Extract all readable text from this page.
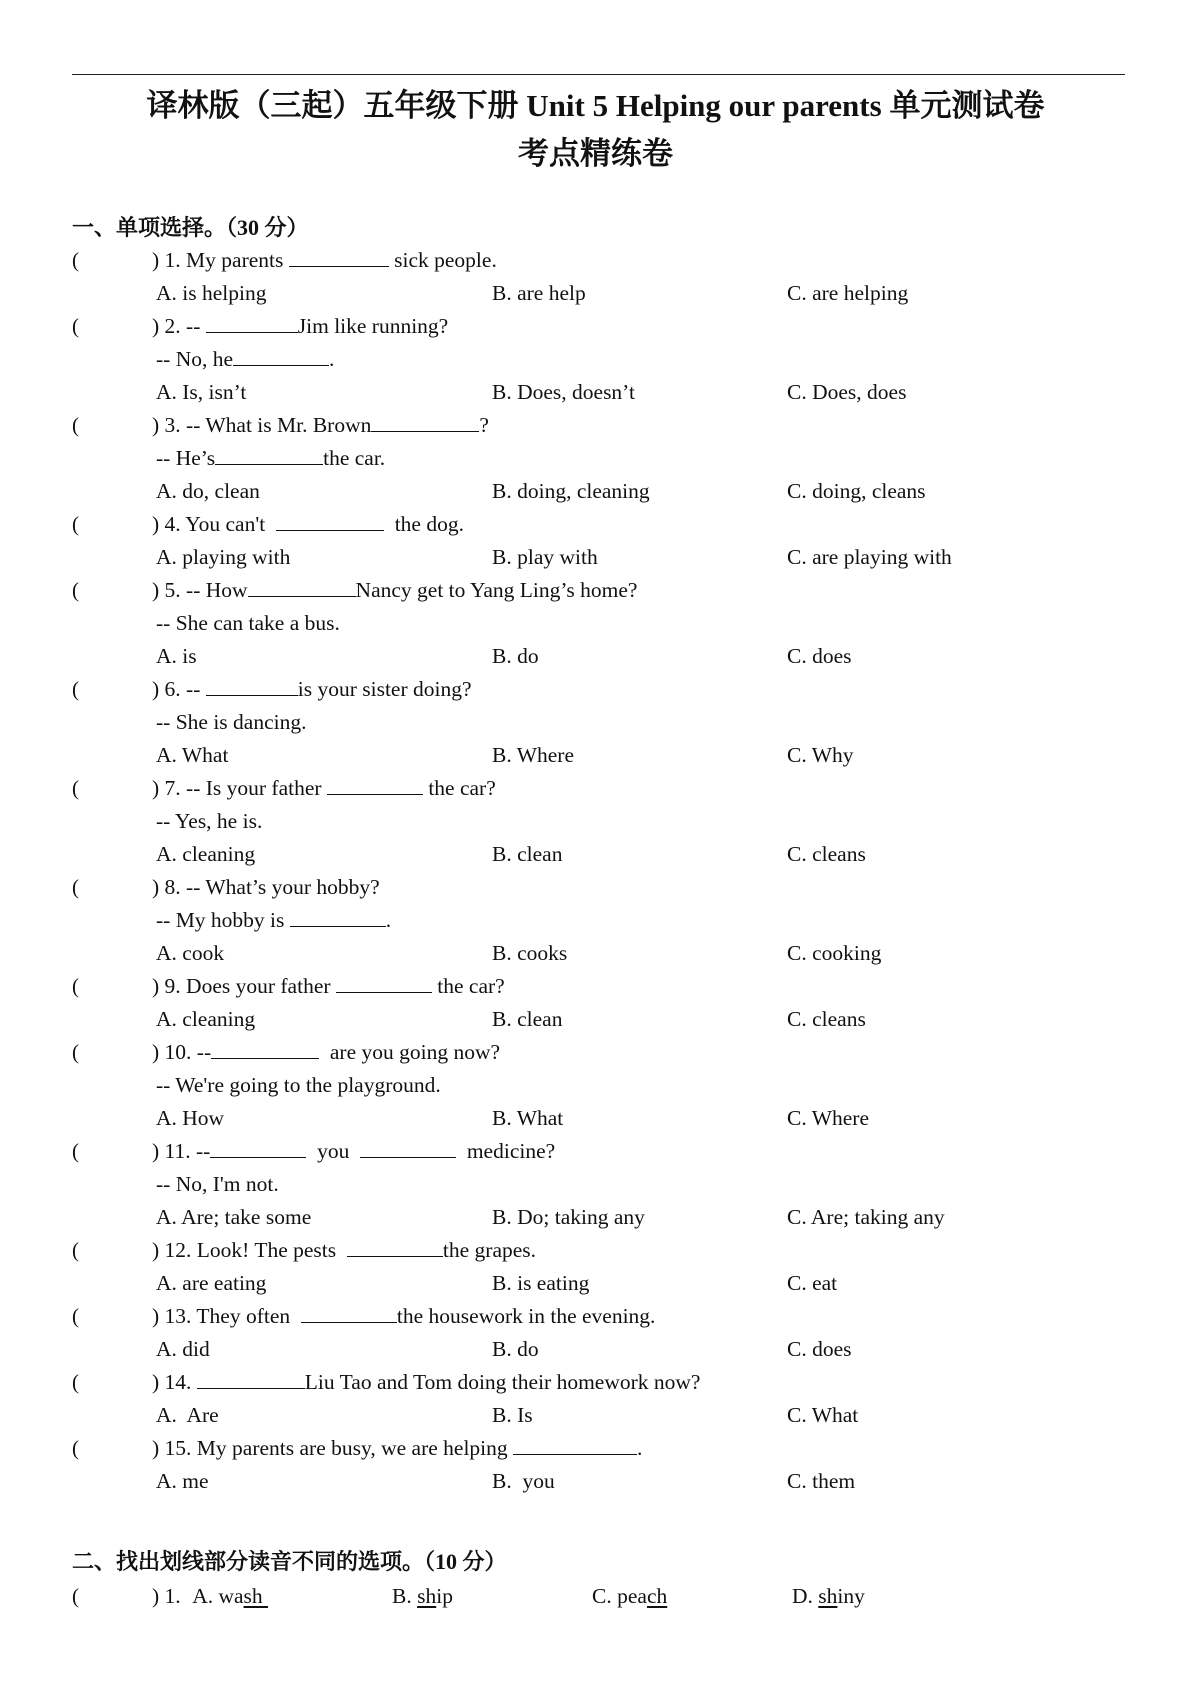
译林版（三起）五年级下册 Unit 5 Helping our parents 单元测试卷
考点精练卷
一、单项选择。（30 分）
二、找出划线部分读音不同的选项。（10 分）
(	) 1. My parents	sick people.
A. is helping	B. are help	C. are helping
(	) 2. --	Jim like running?
-- No, he	.
A. Is, isn’t	B. Does, doesn’t	C. Does, does
(	) 3. -- What is Mr. Brown	?
-- He’s	the car.
A. do, clean	B. doing, cleaning	C. doing, cleans
(	) 4. You can't	the dog.
A. playing with	B. play with	C. are playing with
(	) 5. -- How	Nancy get to Yang Ling’s home?
-- She can take a bus.
A. is	B. do	C. does
(	) 6. --	is your sister doing?
-- She is dancing.
A. What	B. Where	C. Why
(	) 7. -- Is your father	the car?
-- Yes, he is.
A. cleaning	B. clean	C. cleans
(	) 8. -- What’s your hobby?
-- My hobby is	.
A. cook	B. cooks	C. cooking
(	) 9. Does your father	the car?
A. cleaning	B. clean	C. cleans
(	) 10. --	are you going now?
-- We're going to the playground.
A. How	B. What	C. Where
(	) 11. --	you	medicine?
-- No, I'm not.
A. Are; take some	B. Do; taking any	C. Are; taking any
(	) 12. Look! The pests	the grapes.
A. are eating	B. is eating	C. eat
(	) 13. They often	the housework in the evening.
A. did	B. do	C. does
(	) 14.	Liu Tao and Tom doing their homework now?
A.  Are	B. Is	C. What
(	) 15. My parents are busy, we are helping	.
A. me	B.  you	C. them
(	) 1. A. wash	B. ship	C. peach	D. shiny
